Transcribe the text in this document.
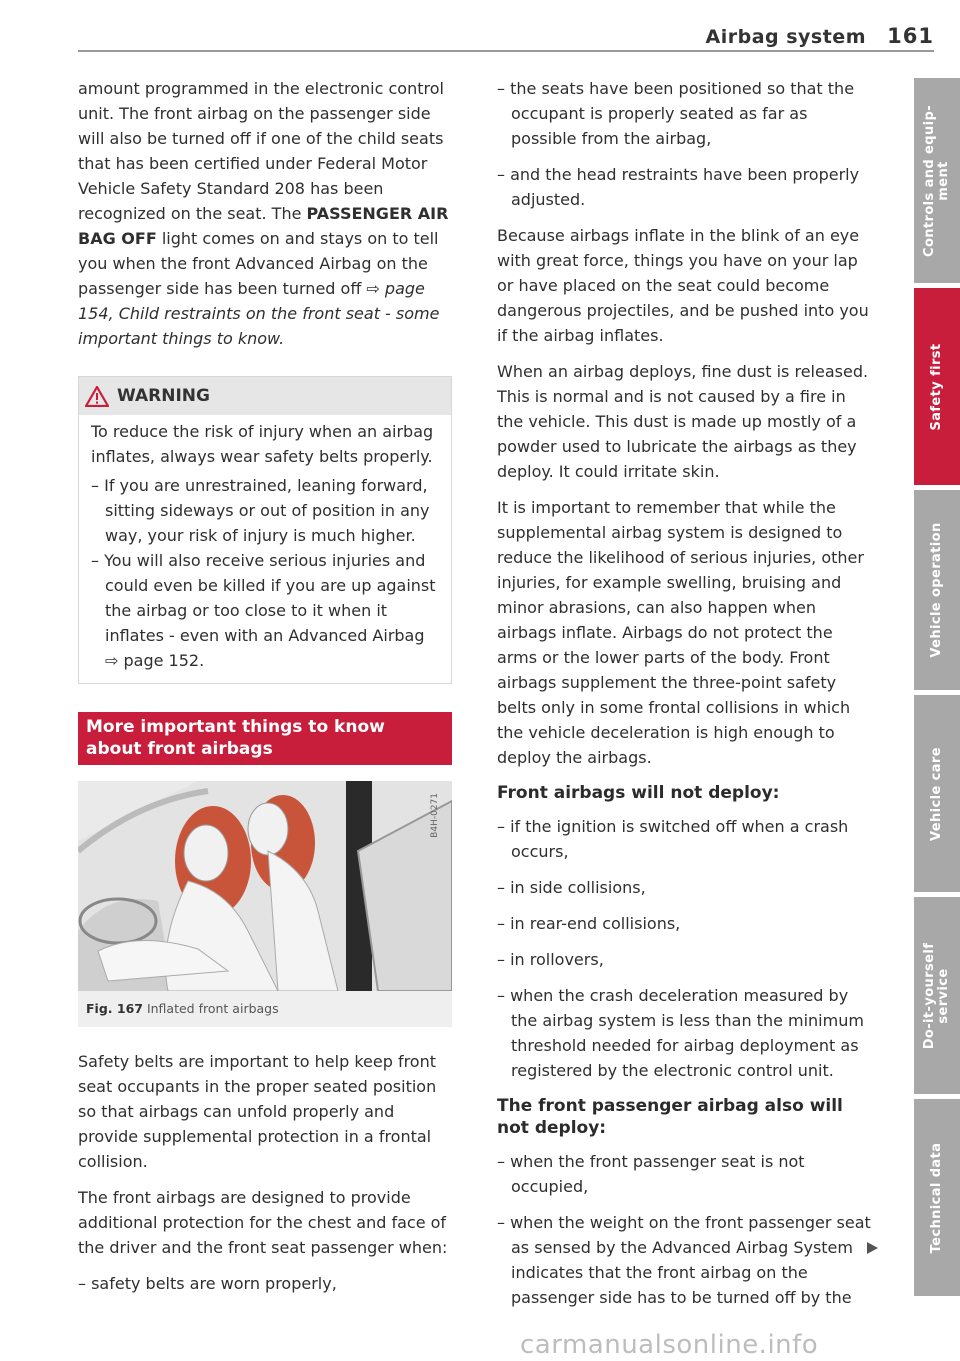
Airbag system 161

amount programmed in the electronic control unit. The front airbag on the passenger side will also be turned off if one of the child seats that has been certified under Federal Motor Vehicle Safety Standard 208 has been recognized on the seat. The PASSENGER AIR BAG OFF light comes on and stays on to tell you when the front Advanced Airbag on the passenger side has been turned off ⇨ page 154, Child restraints on the front seat - some important things to know.

WARNING

To reduce the risk of injury when an airbag inflates, always wear safety belts properly.

– If you are unrestrained, leaning forward, sitting sideways or out of position in any way, your risk of injury is much higher.

– You will also receive serious injuries and could even be killed if you are up against the airbag or too close to it when it inflates - even with an Advanced Airbag ⇨ page 152.

More important things to know about front airbags
B4H-0271
Fig. 167 Inflated front airbags

Safety belts are important to help keep front seat occupants in the proper seated position so that airbags can unfold properly and provide supplemental protection in a frontal collision.

The front airbags are designed to provide additional protection for the chest and face of the driver and the front seat passenger when:

– safety belts are worn properly,

– the seats have been positioned so that the occupant is properly seated as far as possible from the airbag,

– and the head restraints have been properly adjusted.

Because airbags inflate in the blink of an eye with great force, things you have on your lap or have placed on the seat could become dangerous projectiles, and be pushed into you if the airbag inflates.

When an airbag deploys, fine dust is released. This is normal and is not caused by a fire in the vehicle. This dust is made up mostly of a powder used to lubricate the airbags as they deploy. It could irritate skin.

It is important to remember that while the supplemental airbag system is designed to reduce the likelihood of serious injuries, other injuries, for example swelling, bruising and minor abrasions, can also happen when airbags inflate. Airbags do not protect the arms or the lower parts of the body. Front airbags supplement the three-point safety belts only in some frontal collisions in which the vehicle deceleration is high enough to deploy the airbags.

Front airbags will not deploy:

– if the ignition is switched off when a crash occurs,

– in side collisions,

– in rear-end collisions,

– in rollovers,

– when the crash deceleration measured by the airbag system is less than the minimum threshold needed for airbag deployment as registered by the electronic control unit.

The front passenger airbag also will not deploy:

– when the front passenger seat is not occupied,

– when the weight on the front passenger seat as sensed by the Advanced Airbag System indicates that the front airbag on the passenger side has to be turned off by the

Controls and equip-
ment
Safety first
Vehicle operation
Vehicle care
Do-it-yourself
service
Technical data
carmanualsonline.info
